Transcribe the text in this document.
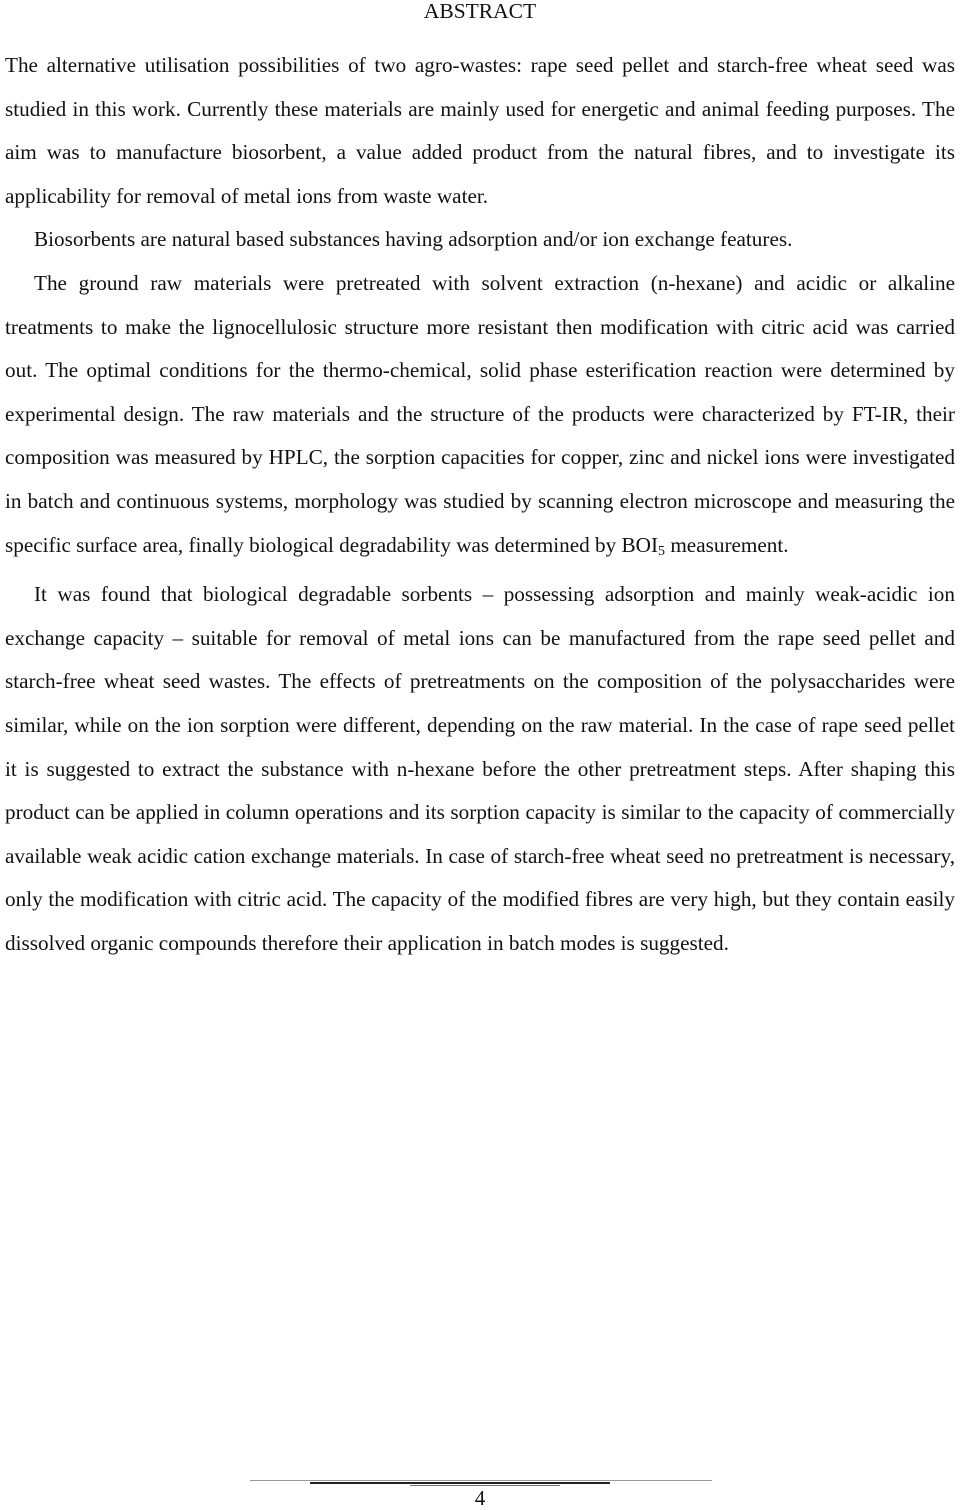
ABSTRACT

The alternative utilisation possibilities of two agro-wastes: rape seed pellet and starch-free wheat seed was studied in this work. Currently these materials are mainly used for energetic and animal feeding purposes. The aim was to manufacture biosorbent, a value added product from the natural fibres, and to investigate its applicability for removal of metal ions from waste water.

Biosorbents are natural based substances having adsorption and/or ion exchange features.

The ground raw materials were pretreated with solvent extraction (n-hexane) and acidic or alkaline treatments to make the lignocellulosic structure more resistant then modification with citric acid was carried out. The optimal conditions for the thermo-chemical, solid phase esterification reaction were determined by experimental design. The raw materials and the structure of the products were characterized by FT-IR, their composition was measured by HPLC, the sorption capacities for copper, zinc and nickel ions were investigated in batch and continuous systems, morphology was studied by scanning electron microscope and measuring the specific surface area, finally biological degradability was determined by $BOI_5$ measurement.

It was found that biological degradable sorbents – possessing adsorption and mainly weak-acidic ion exchange capacity – suitable for removal of metal ions can be manufactured from the rape seed pellet and starch-free wheat seed wastes. The effects of pretreatments on the composition of the polysaccharides were similar, while on the ion sorption were different, depending on the raw material. In the case of rape seed pellet it is suggested to extract the substance with n-hexane before the other pretreatment steps. After shaping this product can be applied in column operations and its sorption capacity is similar to the capacity of commercially available weak acidic cation exchange materials. In case of starch-free wheat seed no pretreatment is necessary, only the modification with citric acid. The capacity of the modified fibres are very high, but they contain easily dissolved organic compounds therefore their application in batch modes is suggested.

4
